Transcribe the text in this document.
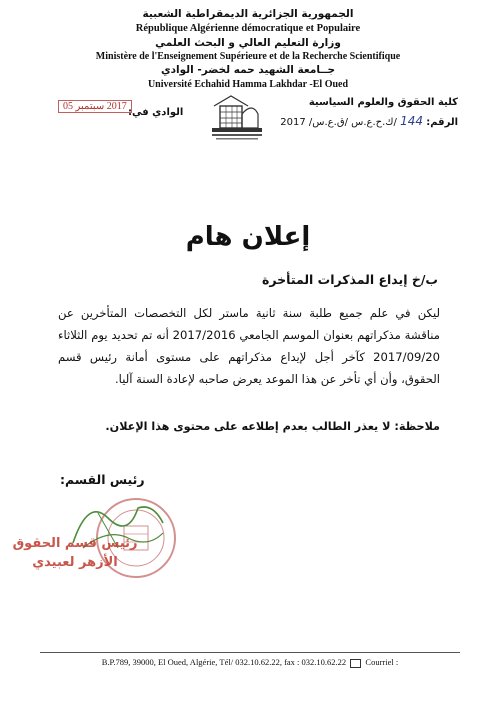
الجمهورية الجزائرية الديمقراطية الشعبية
République Algérienne démocratique et Populaire
وزارة التعليم العالي و البحث العلمي
Ministère de l'Enseignement Supérieure et de la Recherche Scientifique
جــامعة الشهيد حمه لخضر- الوادي
Université Echahid Hamma Lakhdar -El Oued
كلية الحقوق والعلوم السياسية
الرقم: 144 /ك.ح.ع.س /ق.ع.س/ 2017
الوادي في:
2017 سبتمبر 05
إعلان هام
ب/خ إيداع المذكرات المتأخرة
ليكن في علم جميع طلبة سنة ثانية ماستر لكل التخصصات المتأخرين عن مناقشة مذكراتهم بعنوان الموسم الجامعي 2017/2016 أنه تم تحديد يوم الثلاثاء 2017/09/20 كآخر أجل لإيداع مذكراتهم على مستوى أمانة رئيس قسم الحقوق، وأن أي تأخر عن هذا الموعد يعرض صاحبه لإعادة السنة آليا.
ملاحظة: لا يعذر الطالب بعدم إطلاعه على محتوى هذا الإعلان.
رئيس القسم:
رئيس قسم الحقوق
الأزهر لعبيدي
B.P.789, 39000, El Oued, Algérie, Tél/ 032.10.62.22, fax : 032.10.62.22 Courriel :
